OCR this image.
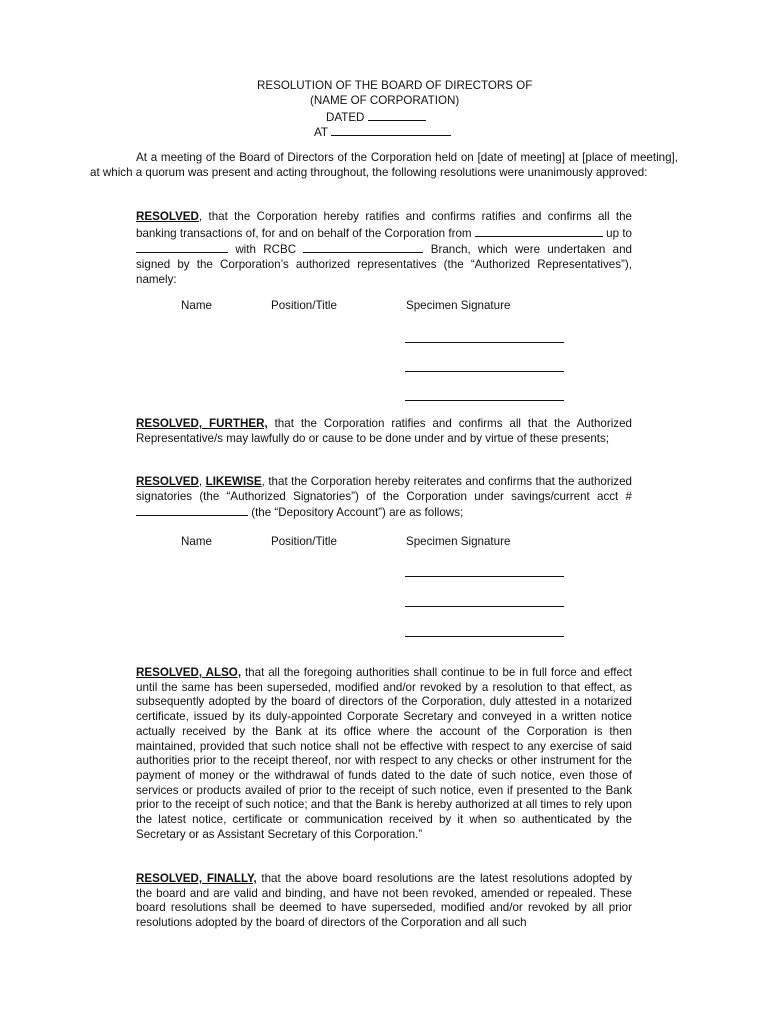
RESOLUTION OF THE BOARD OF DIRECTORS OF
(NAME OF CORPORATION)
DATED
AT
At a meeting of the Board of Directors of the Corporation held on [date of meeting] at [place of meeting], at which a quorum was present and acting throughout, the following resolutions were unanimously approved:
RESOLVED, that the Corporation hereby ratifies and confirms ratifies and confirms all the banking transactions of, for and on behalf of the Corporation from	up to  with RCBC	Branch, which were undertaken and signed by the Corporation’s authorized representatives (the “Authorized Representatives”), namely:
Name	Position/Title	Specimen Signature
RESOLVED, FURTHER, that the Corporation ratifies and confirms all that the Authorized Representative/s may lawfully do or cause to be done under and by virtue of these presents;
RESOLVED, LIKEWISE, that the Corporation hereby reiterates and confirms that the authorized signatories (the “Authorized Signatories”) of the Corporation under savings/current acct #  (the “Depository Account”) are as follows;
Name	Position/Title	Specimen Signature
RESOLVED, ALSO, that all the foregoing authorities shall continue to be in full force and effect until the same has been superseded, modified and/or revoked by a resolution to that effect, as subsequently adopted by the board of directors of the Corporation, duly attested in a notarized certificate, issued by its duly-appointed Corporate Secretary and conveyed in a written notice actually received by the Bank at its office where the account of the Corporation is then maintained, provided that such notice shall not be effective with respect to any exercise of said authorities prior to the receipt thereof, nor with respect to any checks or other instrument for the payment of money or the withdrawal of funds dated to the date of such notice, even those of services or products availed of prior to the receipt of such notice, even if presented to the Bank prior to the receipt of such notice; and that the Bank is hereby authorized at all times to rely upon the latest notice, certificate or communication received by it when so authenticated by the Secretary or as Assistant Secretary of this Corporation.”
RESOLVED, FINALLY, that the above board resolutions are the latest resolutions adopted by the board and are valid and binding, and have not been revoked, amended or repealed. These board resolutions shall be deemed to have superseded, modified and/or revoked by all prior resolutions adopted by the board of directors of the Corporation and all such
